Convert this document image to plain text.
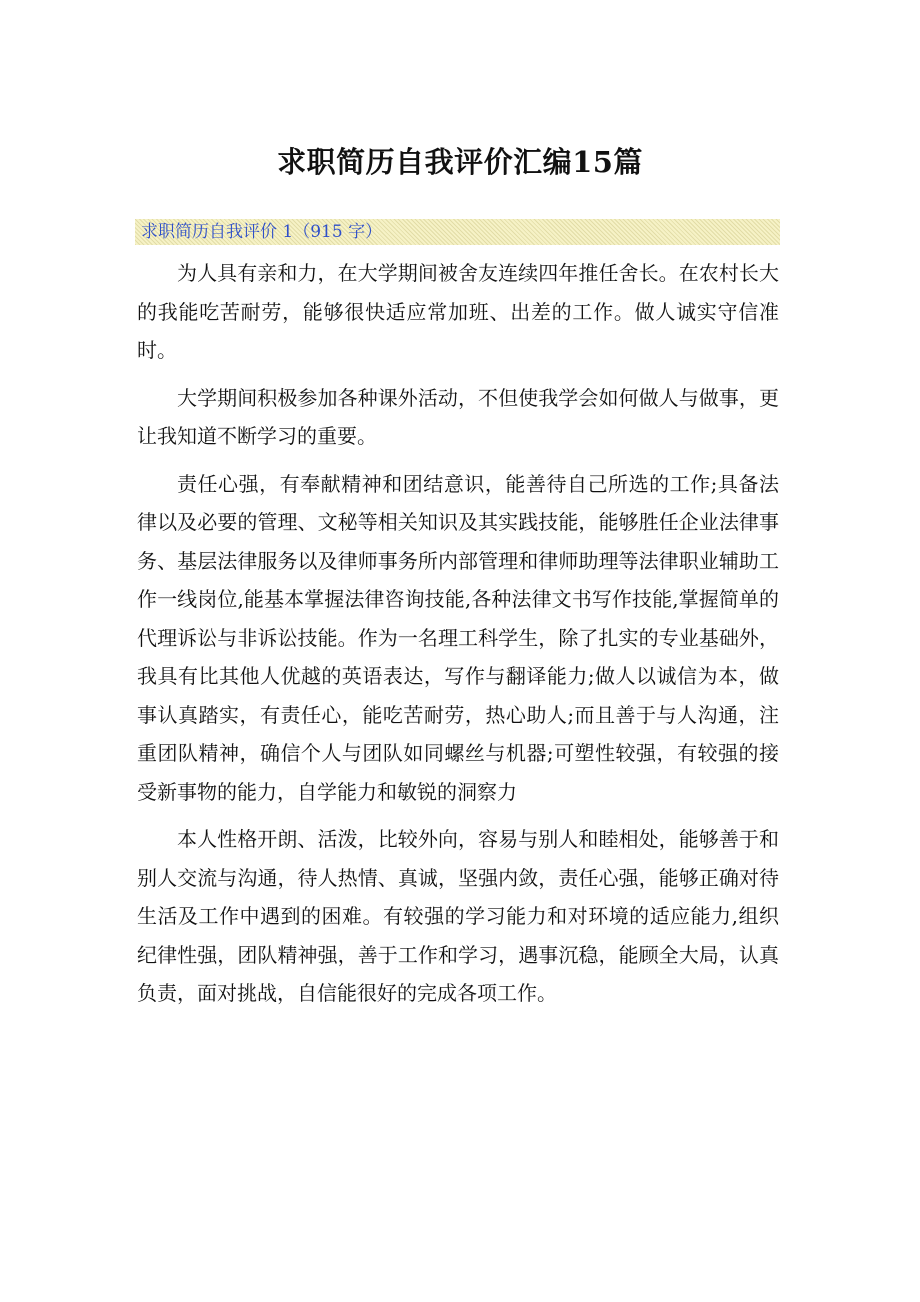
求职简历自我评价汇编15篇
求职简历自我评价 1（915 字）

为人具有亲和力，在大学期间被舍友连续四年推任舍长。在农村长大的我能吃苦耐劳，能够很快适应常加班、出差的工作。做人诚实守信准时。

大学期间积极参加各种课外活动，不但使我学会如何做人与做事，更让我知道不断学习的重要。

责任心强，有奉献精神和团结意识，能善待自己所选的工作;具备法律以及必要的管理、文秘等相关知识及其实践技能，能够胜任企业法律事务、基层法律服务以及律师事务所内部管理和律师助理等法律职业辅助工作一线岗位,能基本掌握法律咨询技能,各种法律文书写作技能,掌握简单的代理诉讼与非诉讼技能。作为一名理工科学生，除了扎实的专业基础外，我具有比其他人优越的英语表达，写作与翻译能力;做人以诚信为本，做事认真踏实，有责任心，能吃苦耐劳，热心助人;而且善于与人沟通，注重团队精神，确信个人与团队如同螺丝与机器;可塑性较强，有较强的接受新事物的能力，自学能力和敏锐的洞察力

本人性格开朗、活泼，比较外向，容易与别人和睦相处，能够善于和别人交流与沟通，待人热情、真诚，坚强内敛，责任心强，能够正确对待生活及工作中遇到的困难。有较强的学习能力和对环境的适应能力,组织纪律性强，团队精神强，善于工作和学习，遇事沉稳，能顾全大局，认真负责，面对挑战，自信能很好的完成各项工作。
